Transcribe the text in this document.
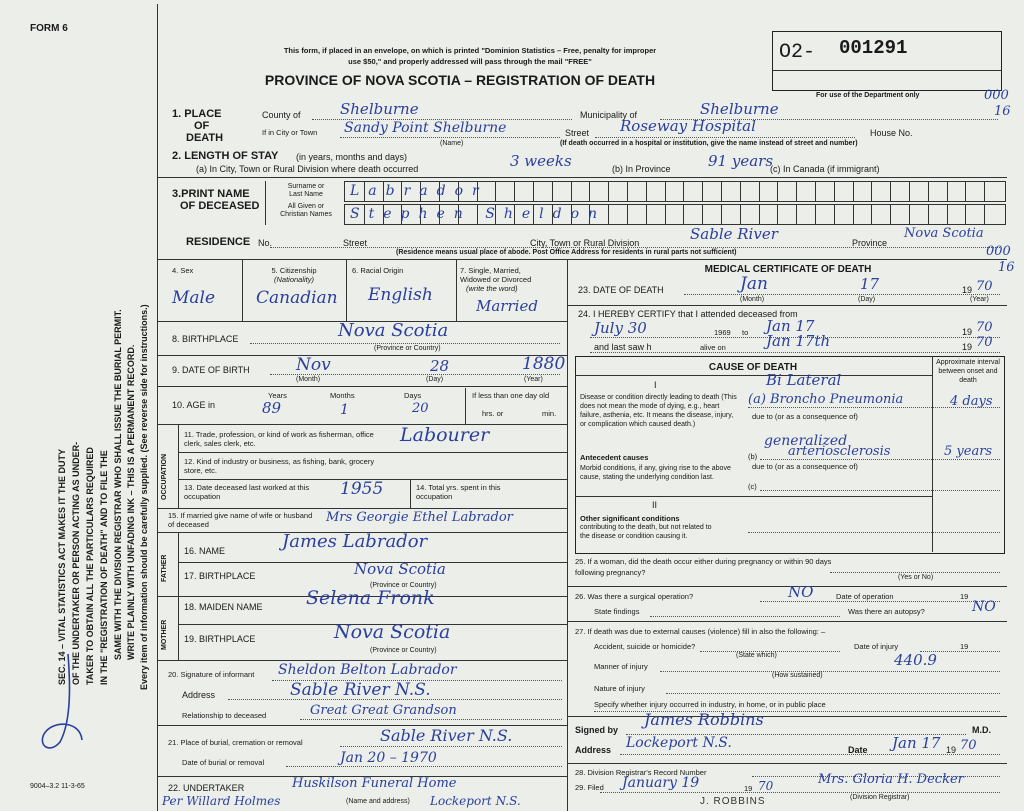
FORM 6
SEC. 14 – VITAL STATISTICS ACT MAKES IT THE DUTY OF THE UNDERTAKER OR PERSON ACTING AS UNDER- TAKER TO OBTAIN ALL THE PARTICULARS REQUIRED IN THE "REGISTRATION OF DEATH" AND TO FILE THE SAME WITH THE DIVISION REGISTRAR WHO SHALL ISSUE THE BURIAL PERMIT. WRITE PLAINLY WITH UNFADING INK – THIS IS A PERMANENT RECORD. Every item of information should be carefully supplied. (See reverse side for instructions.)
9004–3.2 11-3-65
This form, if placed in an envelope, on which is printed "Dominion Statistics – Free, penalty for improper
use $50," and properly addressed will pass through the mail "FREE"
PROVINCE OF NOVA SCOTIA – REGISTRATION OF DEATH
O2- 001291
For use of the Department only	000
16
1. PLACE
OF
DEATH
County of	Shelburne	Municipality of	Shelburne
If in City or Town Sandy Point Shelburne
(Name)
Street Roseway Hospital	House No.
(If death occurred in a hospital or institution, give the name instead of street and number)
2. LENGTH OF STAY (in years, months and days)
(a) In City, Town or Rural Division where death occurred	3 weeks	(b) In Province 91 years
(c) In Canada (if immigrant)
3.PRINT NAME
OF DECEASED
Surname or
Last Name
All Given or
Christian Names
Labrador
Stephen Sheldon
RESIDENCE No.	Street	City, Town or Rural Division	Sable River	Province
Nova Scotia
(Residence means usual place of abode. Post Office Address for residents in rural parts not sufficient)
4. Sex
Male
5. Citizenship
(Nationality)
Canadian
6. Racial Origin
English
7. Single, Married,
Widowed or Divorced
(write the word)
Married
8. BIRTHPLACE	Nova Scotia
(Province or Country)
9. DATE OF BIRTH	Nov	28	1880
(Month)	(Day)	(Year)
10. AGE in
Years
89
Months
1
Days
20
If less than one day old
hrs. or	min.
OCCUPATION
11. Trade, profession, or kind of work as fisherman, office clerk, sales clerk, etc.	Labourer
12. Kind of industry or business, as fishing, bank, grocery store, etc.
13. Date deceased last worked at this occupation	1955	14. Total yrs. spent in this occupation
15. If married give name of wife or husband of deceased	Mrs Georgie Ethel Labrador
FATHER
16. NAME	James Labrador
17. BIRTHPLACE	Nova Scotia
(Province or Country)
MOTHER
18. MAIDEN NAME Selena Fronk
19. BIRTHPLACE	Nova Scotia
(Province or Country)
20. Signature of informant Sheldon Belton Labrador
Address	Sable River N.S.
Relationship to deceased	Great Great Grandson
21. Place of burial, cremation or removal	Sable River N.S.
Date of burial or removal	Jan 20 – 1970
22. UNDERTAKER	Huskilson Funeral Home
(Name and address) Lockeport N.S.
Per Willard Holmes
MEDICAL CERTIFICATE OF DEATH
000
16
23. DATE OF DEATH	Jan	17	19 70
(Month)	(Day)	(Year)
24. I HEREBY CERTIFY that I attended deceased from
July 30	1969 to Jan 17	19 70
and last saw h	alive on	Jan 17th	19 70
CAUSE OF DEATH	Approximate interval between onset and death
I
Disease or condition directly leading to death (This does not mean the mode of dying, e.g., heart failure, asthenia, etc. It means the disease, injury, or complication which caused death.)
Bi Lateral
(a) Broncho Pneumonia	4 days
due to (or as a consequence of)
generalized
Antecedent causes
Morbid conditions, if any, giving rise to the above cause, stating the underlying condition last.
(b) arteriosclerosis	5 years
due to (or as a consequence of)
(c)
II
Other significant conditions
contributing to the death, but not related to the disease or condition causing it.
25. If a woman, did the death occur either during pregnancy or within 90 days following pregnancy?
(Yes or No)
26. Was there a surgical operation?	NO	Date of operation	19
State findings	Was there an autopsy?	NO
27. If death was due to external causes (violence) fill in also the following: –
Accident, suicide or homicide?
(State which)
Date of injury	19
Manner of injury	440.9
(How sustained)
Nature of injury
Specify whether injury occurred in industry, in home, or in public place
Signed by
James Robbins
M.D.
Address Lockeport N.S.	Date Jan 17 19 70
28. Division Registrar's Record Number
29. Filed January 19	19 70	Mrs. Gloria H. Decker
(Division Registrar)
J. ROBBINS
